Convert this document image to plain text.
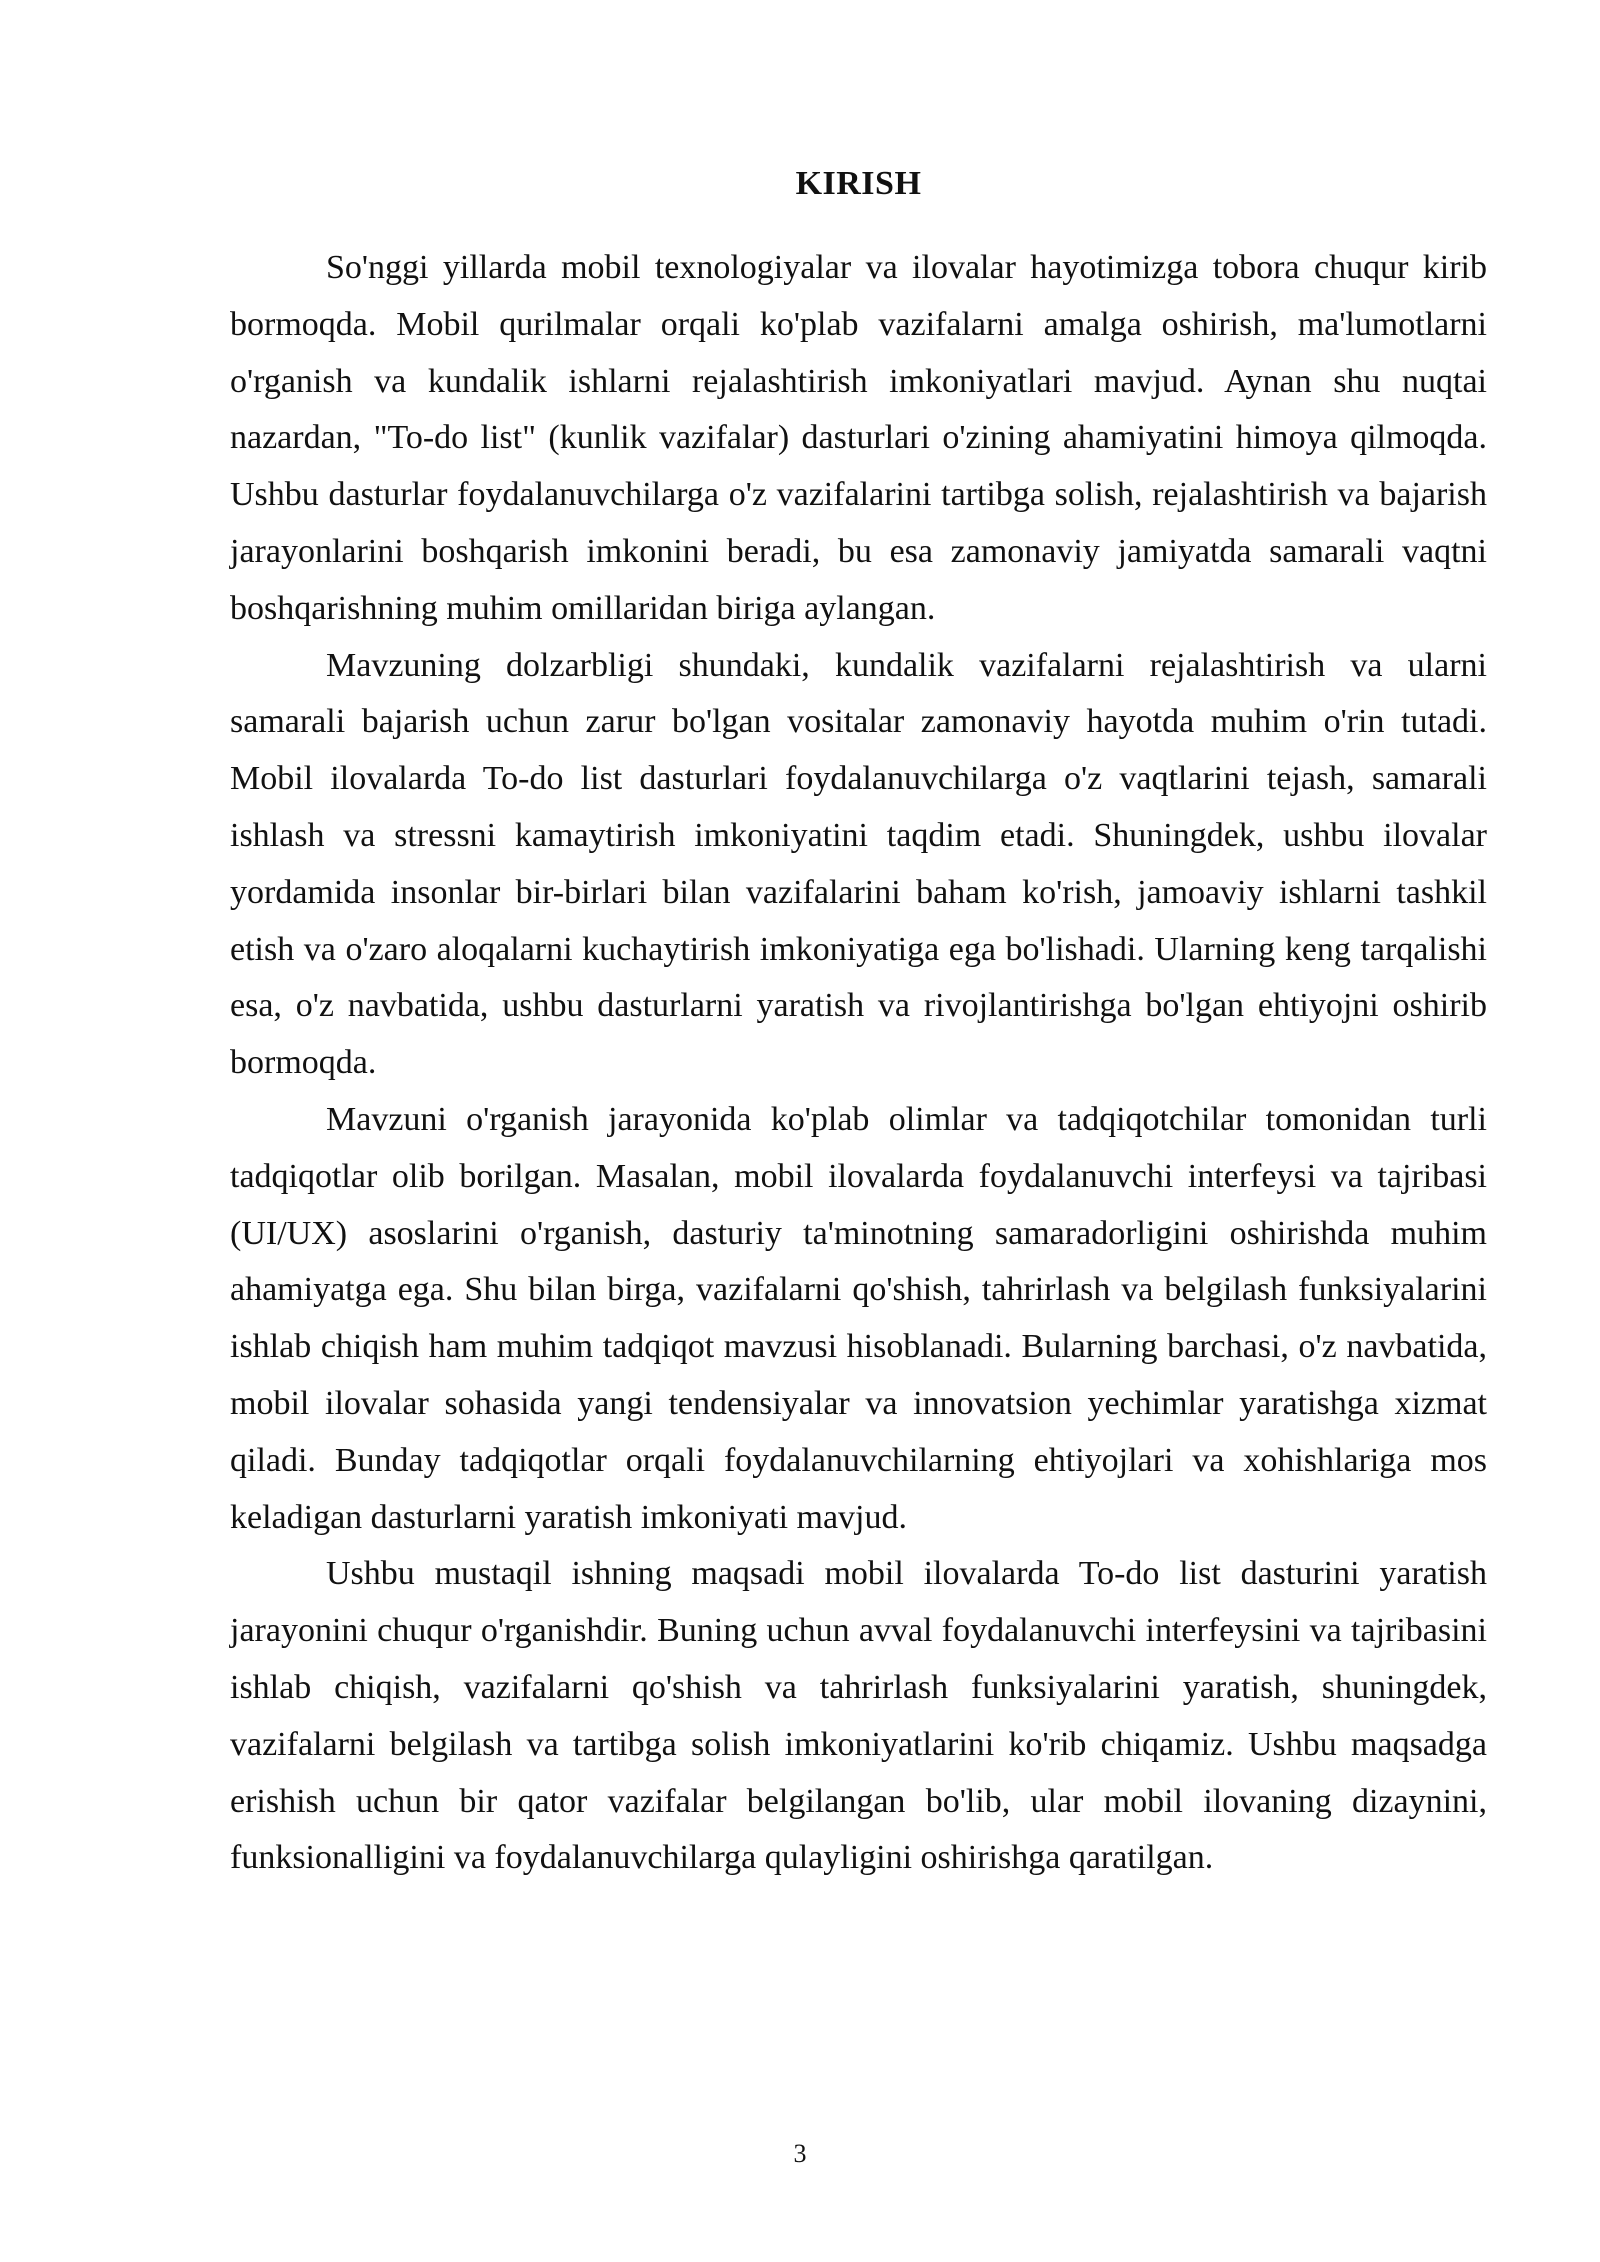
KIRISH

So'nggi yillarda mobil texnologiyalar va ilovalar hayotimizga tobora chuqur kirib bormoqda. Mobil qurilmalar orqali ko'plab vazifalarni amalga oshirish, ma'lumotlarni o'rganish va kundalik ishlarni rejalashtirish imkoniyatlari mavjud. Aynan shu nuqtai nazardan, "To-do list" (kunlik vazifalar) dasturlari o'zining ahamiyatini himoya qilmoqda. Ushbu dasturlar foydalanuvchilarga o'z vazifalarini tartibga solish, rejalashtirish va bajarish jarayonlarini boshqarish imkonini beradi, bu esa zamonaviy jamiyatda samarali vaqtni boshqarishning muhim omillaridan biriga aylangan.

Mavzuning dolzarbligi shundaki, kundalik vazifalarni rejalashtirish va ularni samarali bajarish uchun zarur bo'lgan vositalar zamonaviy hayotda muhim o'rin tutadi. Mobil ilovalarda To-do list dasturlari foydalanuvchilarga o'z vaqtlarini tejash, samarali ishlash va stressni kamaytirish imkoniyatini taqdim etadi. Shuningdek, ushbu ilovalar yordamida insonlar bir-birlari bilan vazifalarini baham ko'rish, jamoaviy ishlarni tashkil etish va o'zaro aloqalarni kuchaytirish imkoniyatiga ega bo'lishadi. Ularning keng tarqalishi esa, o'z navbatida, ushbu dasturlarni yaratish va rivojlantirishga bo'lgan ehtiyojni oshirib bormoqda.

Mavzuni o'rganish jarayonida ko'plab olimlar va tadqiqotchilar tomonidan turli tadqiqotlar olib borilgan. Masalan, mobil ilovalarda foydalanuvchi interfeysi va tajribasi (UI/UX) asoslarini o'rganish, dasturiy ta'minotning samaradorligini oshirishda muhim ahamiyatga ega. Shu bilan birga, vazifalarni qo'shish, tahrirlash va belgilash funksiyalarini ishlab chiqish ham muhim tadqiqot mavzusi hisoblanadi. Bularning barchasi, o'z navbatida, mobil ilovalar sohasida yangi tendensiyalar va innovatsion yechimlar yaratishga xizmat qiladi. Bunday tadqiqotlar orqali foydalanuvchilarning ehtiyojlari va xohishlariga mos keladigan dasturlarni yaratish imkoniyati mavjud.

Ushbu mustaqil ishning maqsadi mobil ilovalarda To-do list dasturini yaratish jarayonini chuqur o'rganishdir. Buning uchun avval foydalanuvchi interfeysini va tajribasini ishlab chiqish, vazifalarni qo'shish va tahrirlash funksiyalarini yaratish, shuningdek, vazifalarni belgilash va tartibga solish imkoniyatlarini ko'rib chiqamiz. Ushbu maqsadga erishish uchun bir qator vazifalar belgilangan bo'lib, ular mobil ilovaning dizaynini, funksionalligini va foydalanuvchilarga qulayligini oshirishga qaratilgan.

3
